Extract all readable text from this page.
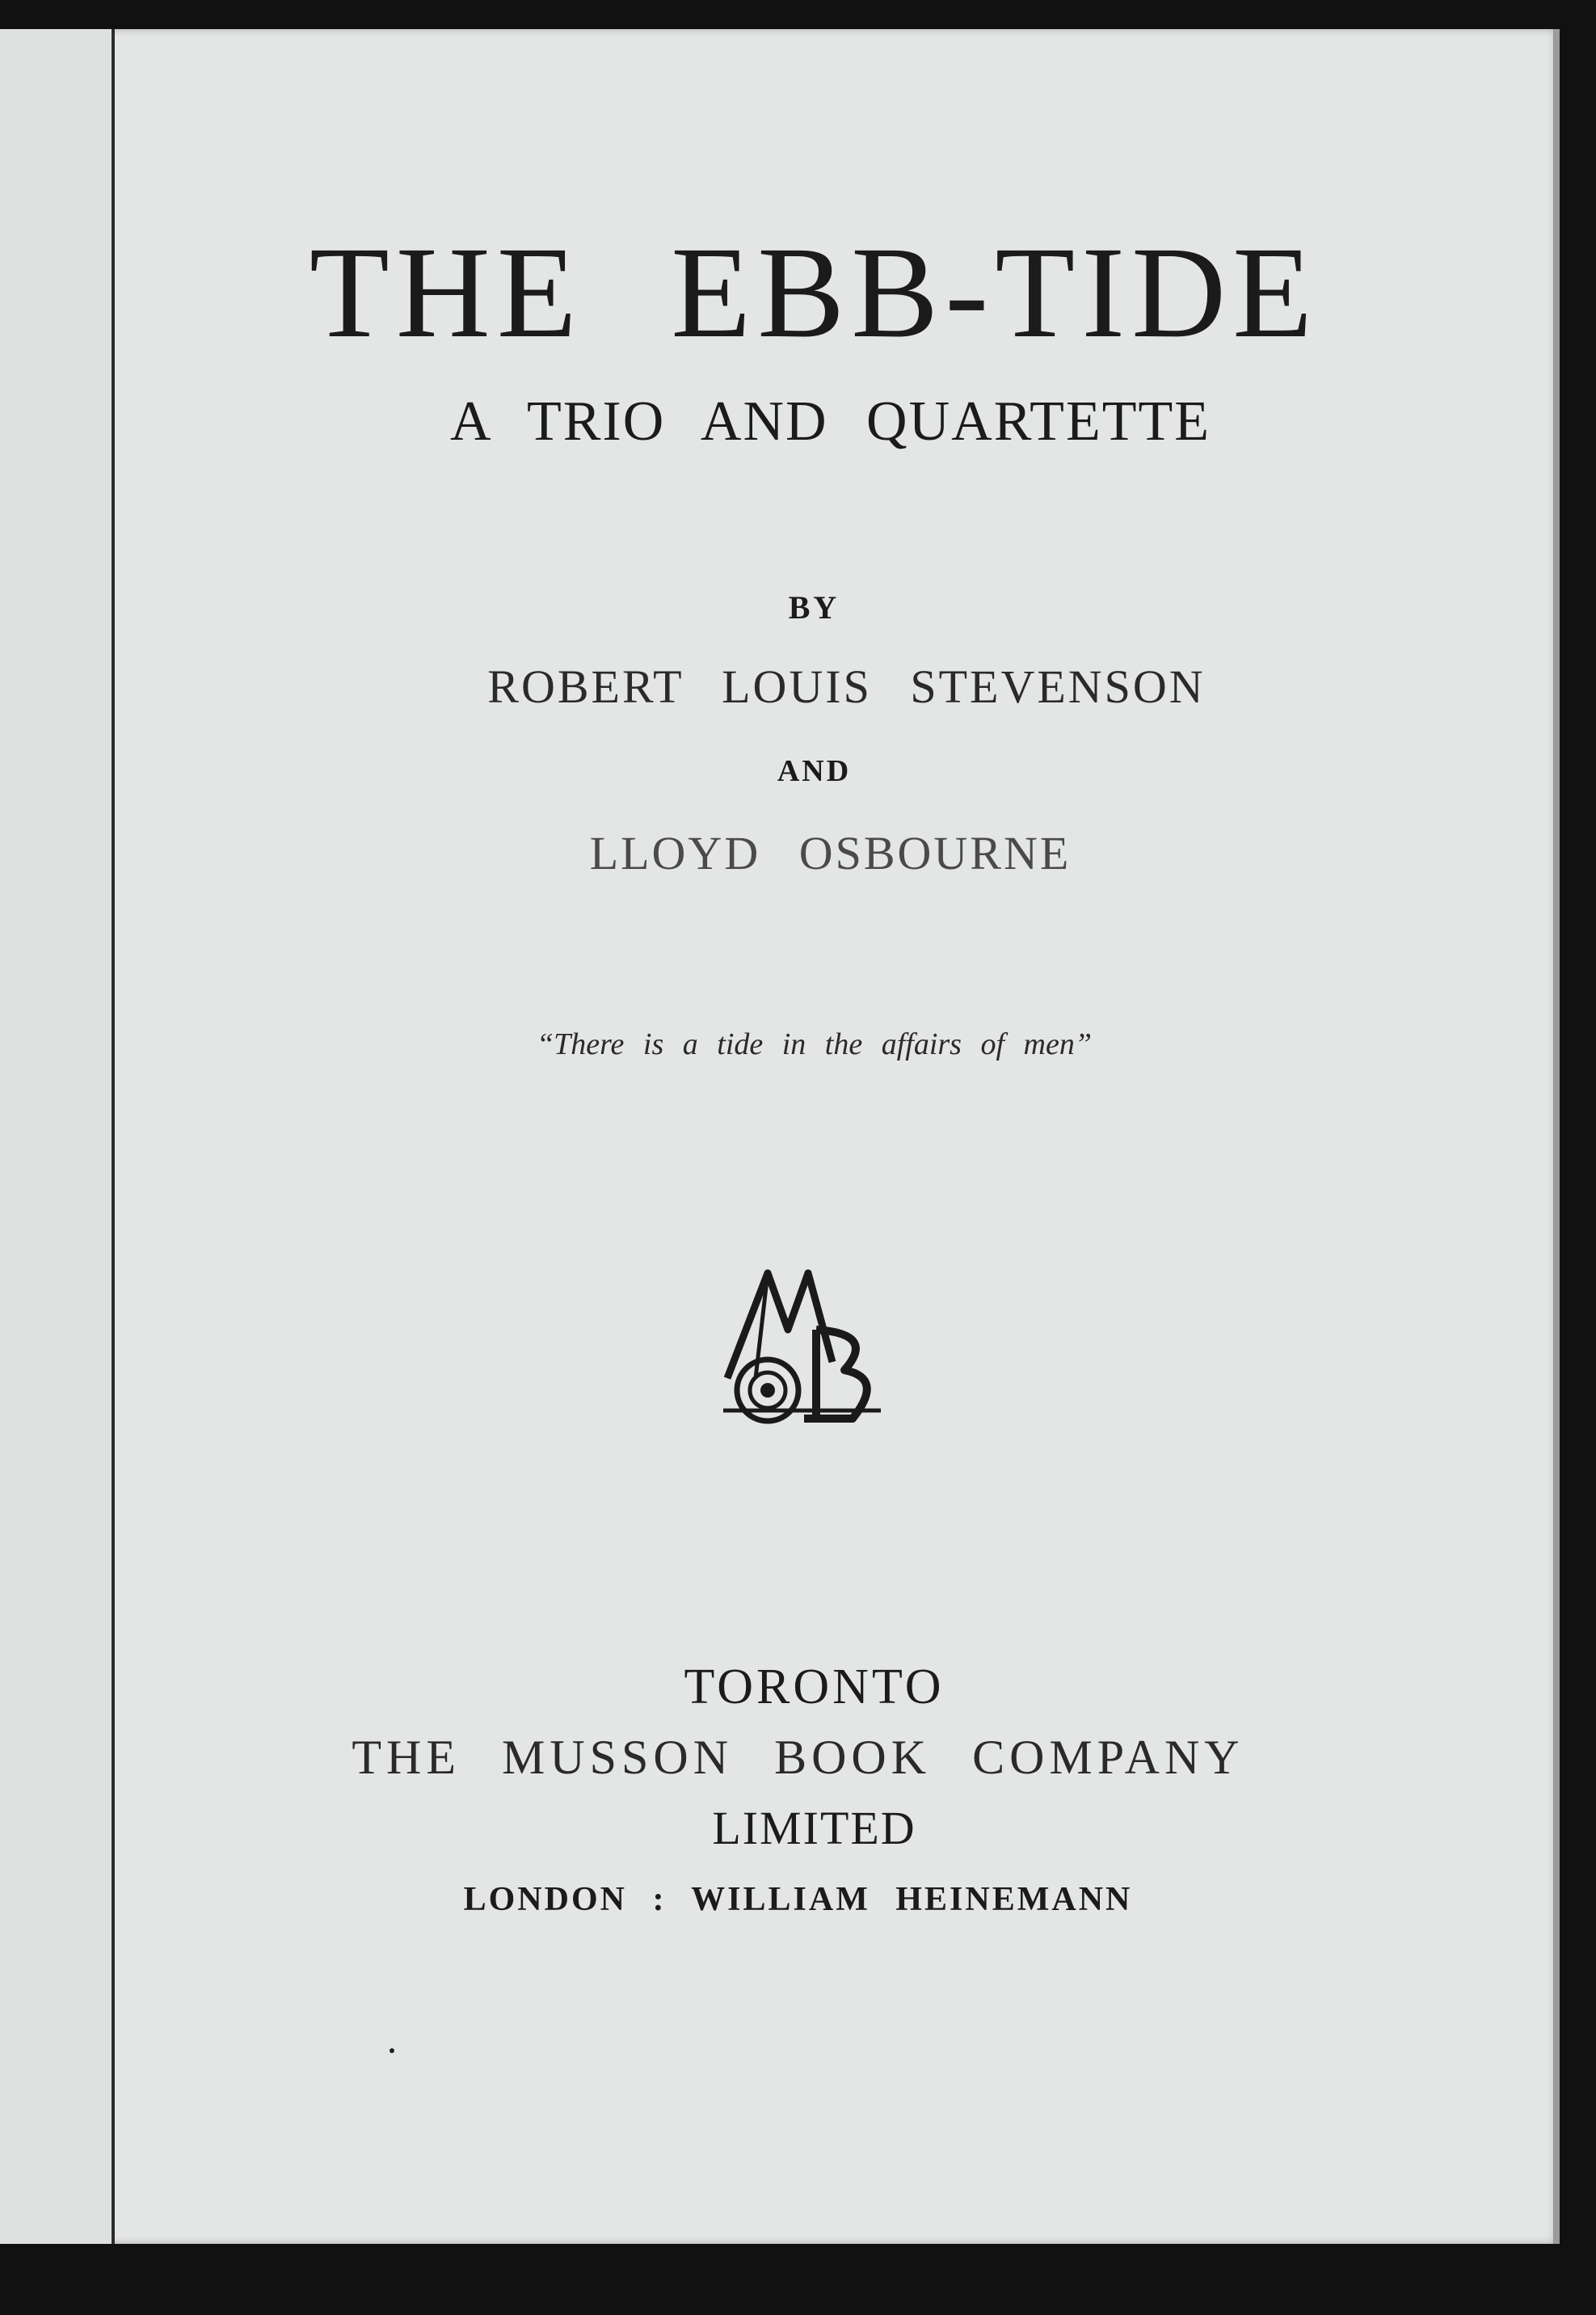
THE EBB-TIDE
A TRIO AND QUARTETTE
BY
ROBERT LOUIS STEVENSON
AND
LLOYD OSBOURNE
“There is a tide in the affairs of men”
TORONTO
THE MUSSON BOOK COMPANY
LIMITED
LONDON : WILLIAM HEINEMANN
